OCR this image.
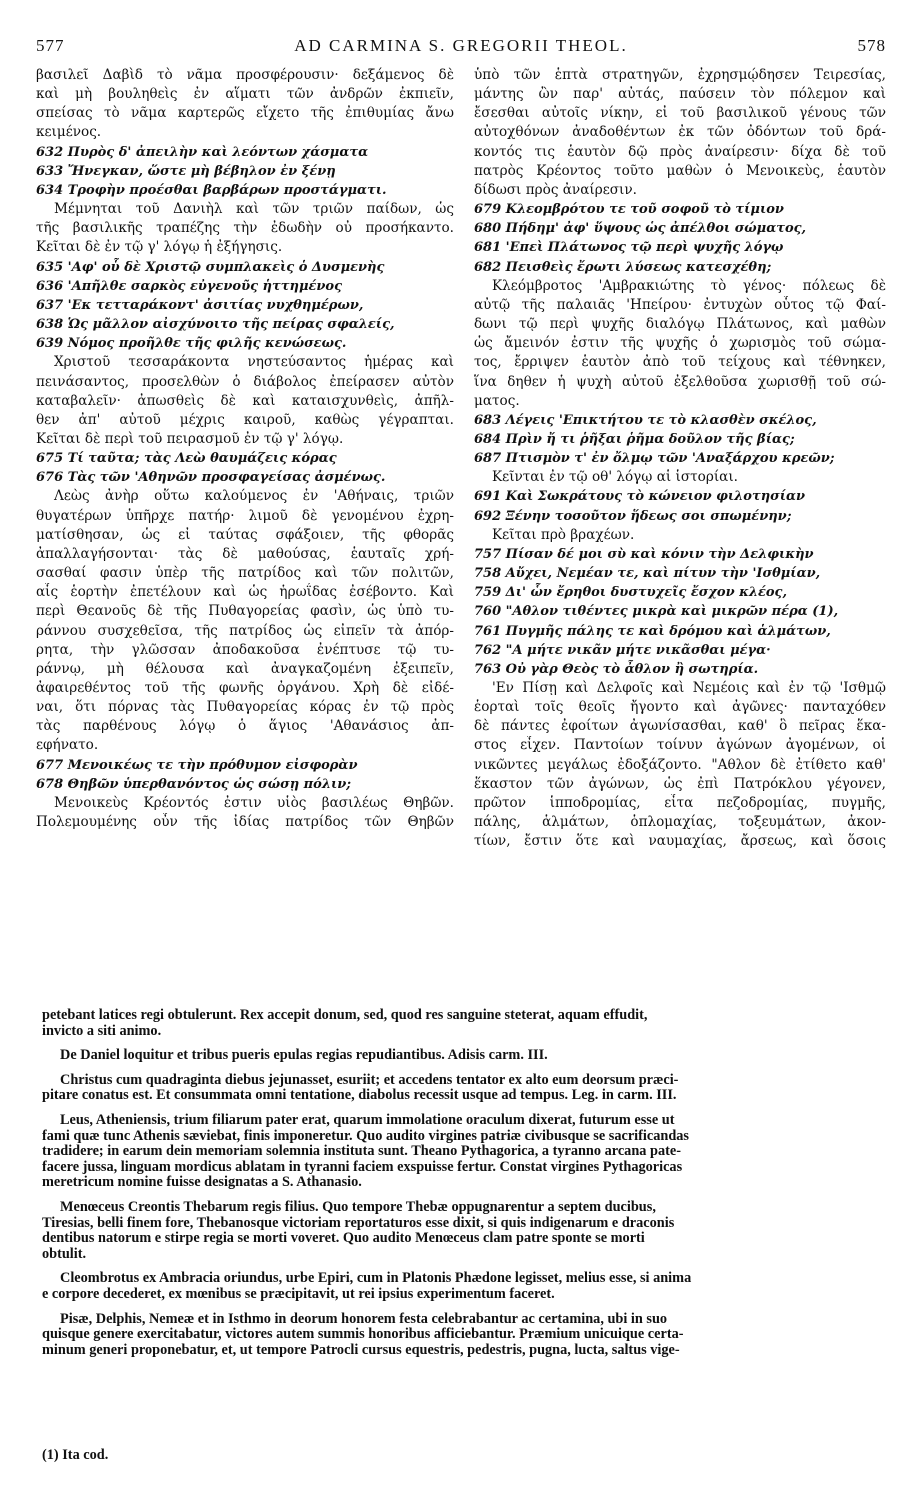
577	AD CARMINA S. GREGORII THEOL.	578
βασιλεῖ Δαβὶδ τὸ νᾶμα προσφέρουσιν· δεξάμενος δὲ
καὶ μὴ βουληθεὶς ἐν αἵματι τῶν ἀνδρῶν ἐκπιεῖν,
σπείσας τὸ νᾶμα καρτερῶς εἴχετο τῆς ἐπιθυμίας ἄνω
κειμένος.
632 Πυρὸς δ' ἀπειλὴν καὶ λεόντων χάσματα
633 Ἤνεγκαν, ὥστε μὴ βέβηλον ἐν ξένῃ
634 Τροφὴν προέσθαι βαρβάρων προστάγματι.
Μέμνηται τοῦ Δανιὴλ καὶ τῶν τριῶν παίδων, ὡς
τῆς βασιλικῆς τραπέζης τὴν ἐδωδὴν οὐ προσήκαντο.
Κεῖται δὲ ἐν τῷ γ' λόγῳ ἡ ἐξήγησις.
635 'Αφ' οὗ δὲ Χριστῷ συμπλακεὶς ὁ Δυσμενὴς
636 'Απῆλθε σαρκὸς εὐγενοῦς ἡττημένος
637 'Εκ τετταράκοντ' ἀσιτίας νυχθημέρων,
638 Ὡς μᾶλλον αἰσχύνοιτο τῆς πείρας σφαλείς,
639 Νόμος προῆλθε τῆς φιλῆς κενώσεως.
Χριστοῦ τεσσαράκοντα νηστεύσαντος ἡμέρας καὶ
πεινάσαντος, προσελθὼν ὁ διάβολος ἐπείρασεν αὐτὸν
καταβαλεῖν· ἀπωσθεὶς δὲ καὶ καταισχυνθεὶς, ἀπῆλ-
θεν ἀπ' αὐτοῦ μέχρις καιροῦ, καθὼς γέγραπται.
Κεῖται δὲ περὶ τοῦ πειρασμοῦ ἐν τῷ γ' λόγῳ.
675 Τί ταῦτα; τὰς Λεὼ θαυμάζεις κόρας
676 Τὰς τῶν 'Αθηνῶν προσφαγείσας ἀσμένως.
Λεὼς ἀνὴρ οὕτω καλούμενος ἐν 'Αθήναις, τριῶν
θυγατέρων ὑπῆρχε πατήρ· λιμοῦ δὲ γενομένου ἐχρη-
ματίσθησαν, ὡς εἰ ταύτας σφάξοιεν, τῆς φθορᾶς
ἀπαλλαγήσονται· τὰς δὲ μαθούσας, ἑαυταῖς χρή-
σασθαί φασιν ὑπὲρ τῆς πατρίδος καὶ τῶν πολιτῶν,
αἷς ἑορτὴν ἐπετέλουν καὶ ὡς ἡρωΐδας ἐσέβοντο. Καὶ
περὶ Θεανοῦς δὲ τῆς Πυθαγορείας φασὶν, ὡς ὑπὸ τυ-
ράννου συσχεθεῖσα, τῆς πατρίδος ὡς εἰπεῖν τὰ ἀπόρ-
ρητα, τὴν γλῶσσαν ἀποδακοῦσα ἐνέπτυσε τῷ τυ-
ράννῳ, μὴ θέλουσα καὶ ἀναγκαζομένη ἐξειπεῖν,
ἀφαιρεθέντος τοῦ τῆς φωνῆς ὀργάνου. Χρὴ δὲ εἰδέ-
ναι, ὅτι πόρνας τὰς Πυθαγορείας κόρας ἐν τῷ πρὸς
τὰς παρθένους λόγῳ ὁ ἅγιος 'Αθανάσιος ἀπ-
εφήνατο.
677 Μενοικέως τε τὴν πρόθυμον εἰσφορὰν
678 Θηβῶν ὑπερθανόντος ὡς σώσῃ πόλιν;
Μενοικεὺς Κρέοντός ἐστιν υἱὸς βασιλέως Θηβῶν.
Πολεμουμένης οὖν τῆς ἰδίας πατρίδος τῶν Θηβῶν
ὑπὸ τῶν ἑπτὰ στρατηγῶν, ἐχρησμῴδησεν Τειρεσίας,
μάντης ὢν παρ' αὐτάς, παύσειν τὸν πόλεμον καὶ
ἔσεσθαι αὐτοῖς νίκην, εἰ τοῦ βασιλικοῦ γένους τῶν
αὐτοχθόνων ἀναδοθέντων ἐκ τῶν ὀδόντων τοῦ δρά-
κοντός τις ἑαυτὸν δῷ πρὸς ἀναίρεσιν· δίχα δὲ τοῦ
πατρὸς Κρέοντος τοῦτο μαθὼν ὁ Μενοικεὺς, ἑαυτὸν
δίδωσι πρὸς ἀναίρεσιν.
679 Κλεομβρότου τε τοῦ σοφοῦ τὸ τίμιον
680 Πήδημ' ἀφ' ὕψους ὡς ἀπέλθοι σώματος,
681 'Επεὶ Πλάτωνος τῷ περὶ ψυχῆς λόγῳ
682 Πεισθεὶς ἔρωτι λύσεως κατεσχέθη;
Κλεόμβροτος 'Αμβρακιώτης τὸ γένος· πόλεως δὲ
αὐτῷ τῆς παλαιᾶς 'Ηπείρου· ἐντυχὼν οὗτος τῷ Φαί-
δωνι τῷ περὶ ψυχῆς διαλόγῳ Πλάτωνος, καὶ μαθὼν
ὡς ἄμεινόν ἐστιν τῆς ψυχῆς ὁ χωρισμὸς τοῦ σώμα-
τος, ἔρριψεν ἑαυτὸν ἀπὸ τοῦ τείχους καὶ τέθνηκεν,
ἵνα δηθεν ἡ ψυχὴ αὐτοῦ ἐξελθοῦσα χωρισθῇ τοῦ σώ-
ματος.
683 Λέγεις 'Επικτήτου τε τὸ κλασθὲν σκέλος,
684 Πρὶν ἤ τι ῥῆξαι ῥῆμα δοῦλον τῆς βίας;
687 Πτισμὸν τ' ἐν ὄλμῳ τῶν 'Αναξάρχου κρεῶν;
Κεῖνται ἐν τῷ οθ' λόγῳ αἱ ἱστορίαι.
691 Καὶ Σωκράτους τὸ κώνειον φιλοτησίαν
692 Ξένην τοσοῦτον ἥδεως σοι σπωμένην;
Κεῖται πρὸ βραχέων.
757 Πίσαν δέ μοι σὺ καὶ κόνιν τὴν Δελφικὴν
758 Αὔχει, Νεμέαν τε, καὶ πίτυν τὴν 'Ισθμίαν,
759 Δι' ὧν ἔρηθοι δυστυχεῖς ἔσχον κλέος,
760 "Αθλον τιθέντες μικρὰ καὶ μικρῶν πέρα (1),
761 Πυγμῆς πάλης τε καὶ δρόμου καὶ ἁλμάτων,
762 "Α μήτε νικᾶν μήτε νικᾶσθαι μέγα·
763 Οὐ γὰρ Θεὸς τὸ ἆθλον ἢ σωτηρία.
'Εν Πίσῃ καὶ Δελφοῖς καὶ Νεμέοις καὶ ἐν τῷ 'Ισθμῷ
ἑορταὶ τοῖς θεοῖς ἤγοντο καὶ ἀγῶνες· πανταχόθεν
δὲ πάντες ἐφοίτων ἀγωνίσασθαι, καθ' ὃ πεῖρας ἕκα-
στος εἶχεν. Παντοίων τοίνυν ἀγώνων ἀγομένων, οἱ
νικῶντες μεγάλως ἐδοξάζοντο. "Αθλον δὲ ἐτίθετο καθ'
ἕκαστον τῶν ἀγώνων, ὡς ἐπὶ Πατρόκλου γέγονεν,
πρῶτον ἱπποδρομίας, εἶτα πεζοδρομίας, πυγμῆς,
πάλης, ἁλμάτων, ὁπλομαχίας, τοξευμάτων, ἀκον-
τίων, ἔστιν ὅτε καὶ ναυμαχίας, ἄρσεως, καὶ ὅσοις
petebant latices regi obtulerunt. Rex accepit donum, sed, quod res sanguine steterat, aquam effudit,
invicto a siti animo.
De Daniel loquitur et tribus pueris epulas regias repudiantibus. Adisis carm. III.
Christus cum quadraginta diebus jejunasset, esuriit; et accedens tentator ex alto eum deorsum præci-
pitare conatus est. Et consummata omni tentatione, diabolus recessit usque ad tempus. Leg. in carm. III.
Leus, Atheniensis, trium filiarum pater erat, quarum immolatione oraculum dixerat, futurum esse ut
fami quæ tunc Athenis sæviebat, finis imponeretur. Quo audito virgines patriæ civibusque se sacrificandas
tradidere; in earum dein memoriam solemnia instituta sunt. Theano Pythagorica, a tyranno arcana pate-
facere jussa, linguam mordicus ablatam in tyranni faciem exspuisse fertur. Constat virgines Pythagoricas
meretricum nomine fuisse designatas a S. Athanasio.
Menœceus Creontis Thebarum regis filius. Quo tempore Thebæ oppugnarentur a septem ducibus,
Tiresias, belli finem fore, Thebanosque victoriam reportaturos esse dixit, si quis indigenarum e draconis
dentibus natorum e stirpe regia se morti voveret. Quo audito Menœceus clam patre sponte se morti
obtulit.
Cleombrotus ex Ambracia oriundus, urbe Epiri, cum in Platonis Phædone legisset, melius esse, si anima
e corpore decederet, ex mœnibus se præcipitavit, ut rei ipsius experimentum faceret.
Pisæ, Delphis, Nemeæ et in Isthmo in deorum honorem festa celebrabantur ac certamina, ubi in suo
quisque genere exercitabatur, victores autem summis honoribus afficiebantur. Præmium unicuique certa-
minum generi proponebatur, et, ut tempore Patrocli cursus equestris, pedestris, pugna, lucta, saltus vige-
(1) Ita cod.
